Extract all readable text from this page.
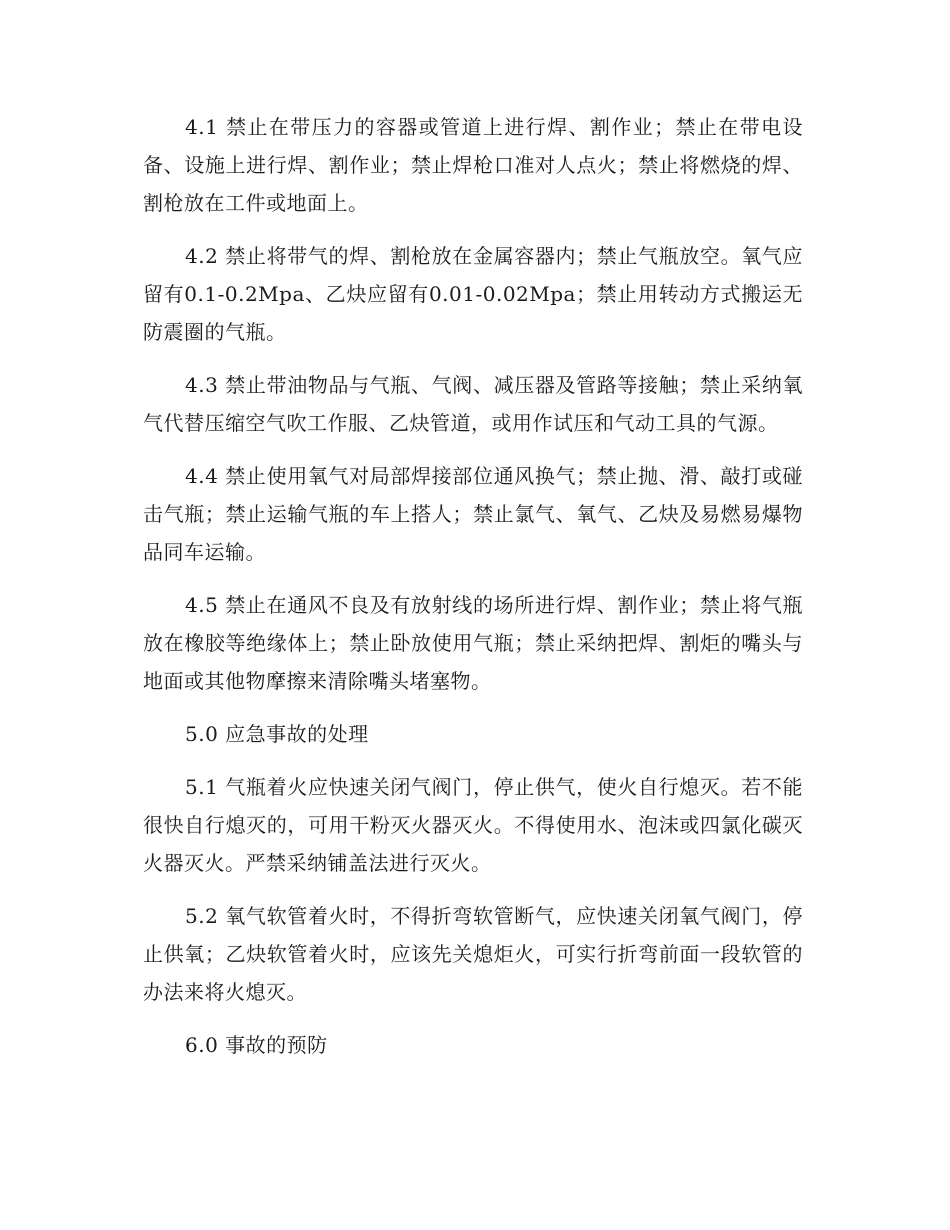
4.1 禁止在带压力的容器或管道上进行焊、割作业；禁止在带电设备、设施上进行焊、割作业；禁止焊枪口准对人点火；禁止将燃烧的焊、割枪放在工件或地面上。

4.2 禁止将带气的焊、割枪放在金属容器内；禁止气瓶放空。氧气应留有0.1-0.2Mpa、乙炔应留有0.01-0.02Mpa；禁止用转动方式搬运无防震圈的气瓶。

4.3 禁止带油物品与气瓶、气阀、减压器及管路等接触；禁止采纳氧气代替压缩空气吹工作服、乙炔管道，或用作试压和气动工具的气源。

4.4 禁止使用氧气对局部焊接部位通风换气；禁止抛、滑、敲打或碰击气瓶；禁止运输气瓶的车上搭人；禁止氯气、氧气、乙炔及易燃易爆物品同车运输。

4.5 禁止在通风不良及有放射线的场所进行焊、割作业；禁止将气瓶放在橡胶等绝缘体上；禁止卧放使用气瓶；禁止采纳把焊、割炬的嘴头与地面或其他物摩擦来清除嘴头堵塞物。

5.0 应急事故的处理

5.1 气瓶着火应快速关闭气阀门，停止供气，使火自行熄灭。若不能很快自行熄灭的，可用干粉灭火器灭火。不得使用水、泡沫或四氯化碳灭火器灭火。严禁采纳铺盖法进行灭火。

5.2 氧气软管着火时，不得折弯软管断气，应快速关闭氧气阀门，停止供氧；乙炔软管着火时，应该先关熄炬火，可实行折弯前面一段软管的办法来将火熄灭。

6.0 事故的预防
